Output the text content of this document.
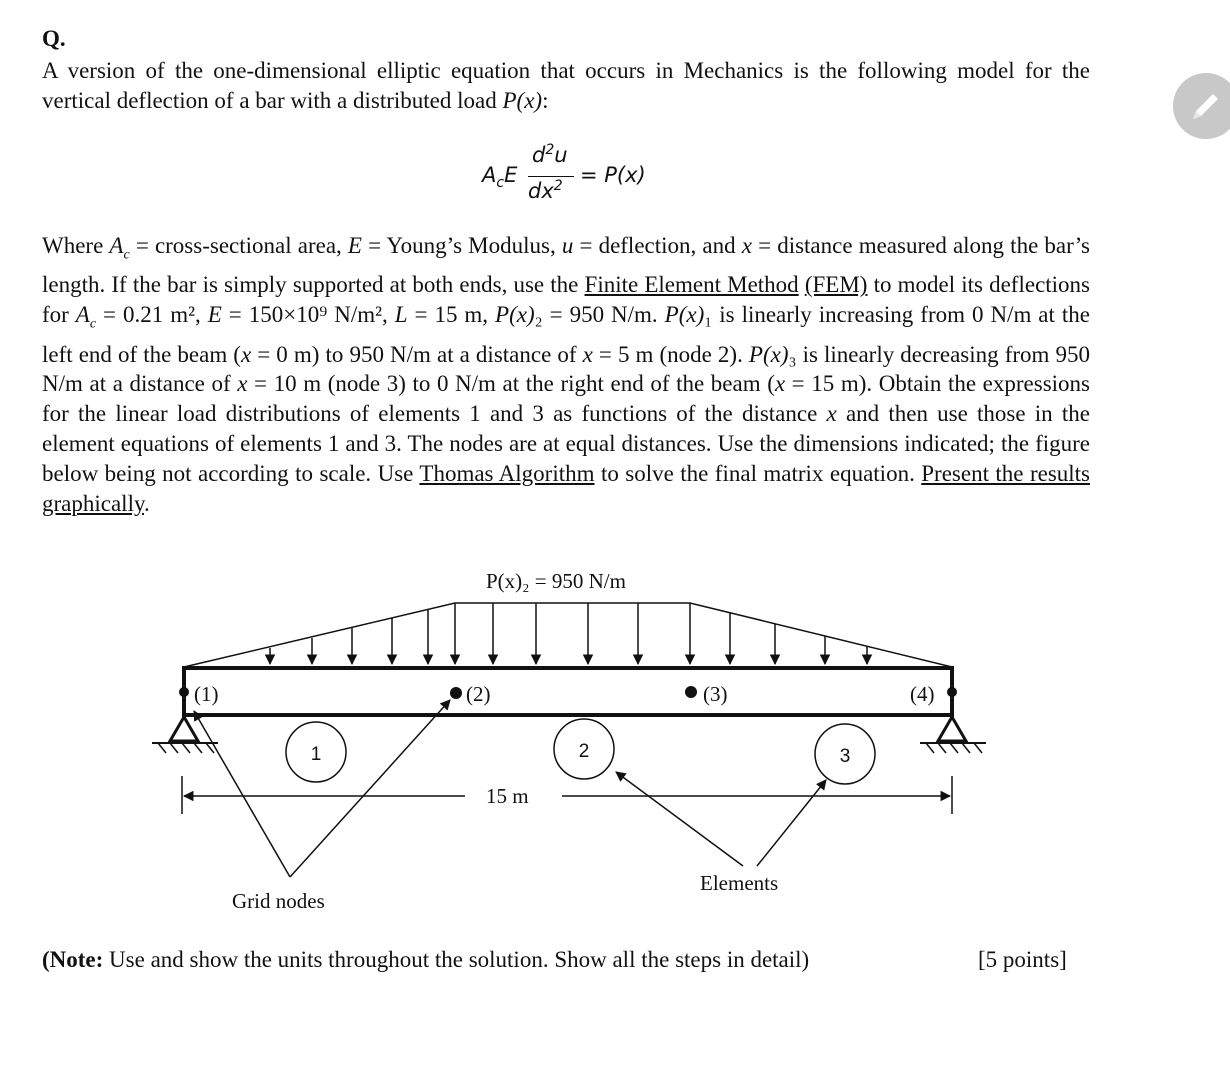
Q.

A version of the one-dimensional elliptic equation that occurs in Mechanics is the following model for the vertical deflection of a bar with a distributed load P(x):

$A_cE$
$d^2u$
$dx^2 = P(x)$

Where $A_c$ = cross-sectional area, E = Young’s Modulus, u = deflection, and x = distance measured along the bar’s length. If the bar is simply supported at both ends, use the Finite Element Method (FEM) to model its deflections for $A_c = 0.21$ m², E = 150×10⁹ N/m², L = 15 m, P(x)₂ = 950 N/m. P(x)₁ is linearly increasing from 0 N/m at the left end of the beam (x = 0 m) to 950 N/m at a distance of x = 5 m (node 2). P(x)₃ is linearly decreasing from 950 N/m at a distance of x = 10 m (node 3) to 0 N/m at the right end of the beam (x = 15 m). Obtain the expressions for the linear load distributions of elements 1 and 3 as functions of the distance x and then use those in the element equations of elements 1 and 3. The nodes are at equal distances. Use the dimensions indicated; the figure below being not according to scale. Use Thomas Algorithm to solve the final matrix equation. Present the results graphically.

P(x)₂ = 950 N/m
(1)	(2)	(3)	(4)
1	2	3
15 m
Grid nodes
Elements
(Note: Use and show the units throughout the solution. Show all the steps in detail)	[5 points]
